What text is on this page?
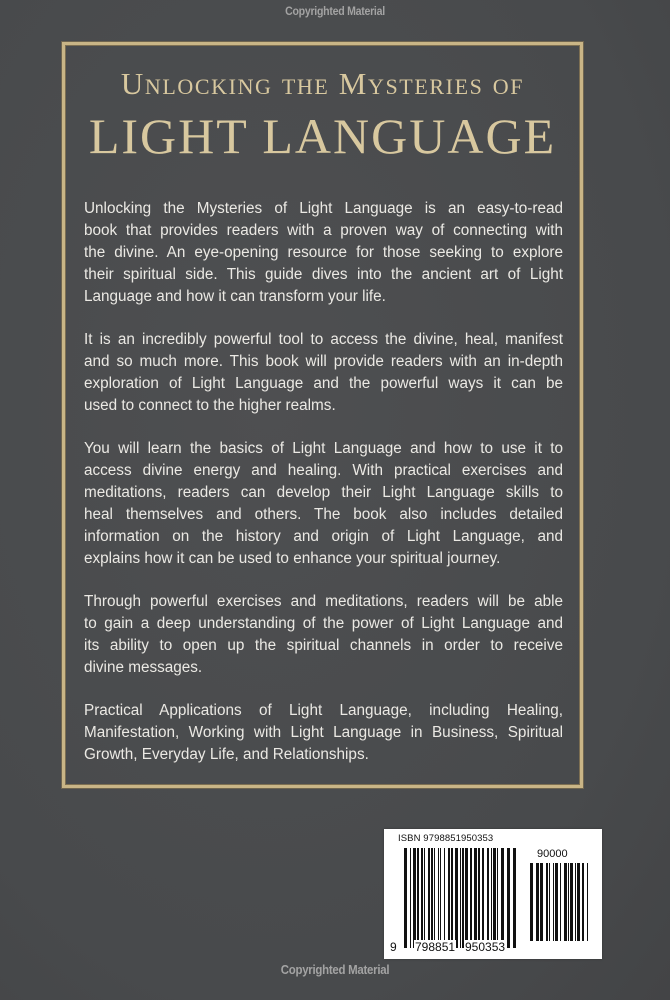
Copyrighted Material
Unlocking the Mysteries of
LIGHT LANGUAGE
Unlocking the Mysteries of Light Language is an easy-to-read
book that provides readers with a proven way of connecting with
the divine. An eye-opening resource for those seeking to explore
their spiritual side. This guide dives into the ancient art of Light
Language and how it can transform your life.
It is an incredibly powerful tool to access the divine, heal, manifest
and so much more. This book will provide readers with an in-depth
exploration of Light Language and the powerful ways it can be
used to connect to the higher realms.
You will learn the basics of Light Language and how to use it to
access divine energy and healing. With practical exercises and
meditations, readers can develop their Light Language skills to
heal themselves and others. The book also includes detailed
information on the history and origin of Light Language, and
explains how it can be used to enhance your spiritual journey.
Through powerful exercises and meditations, readers will be able
to gain a deep understanding of the power of Light Language and
its ability to open up the spiritual channels in order to receive
divine messages.
Practical Applications of Light Language, including Healing,
Manifestation, Working with Light Language in Business, Spiritual
Growth, Everyday Life, and Relationships.
ISBN 9798851950353
90000
9 798851 950353
Copyrighted Material
